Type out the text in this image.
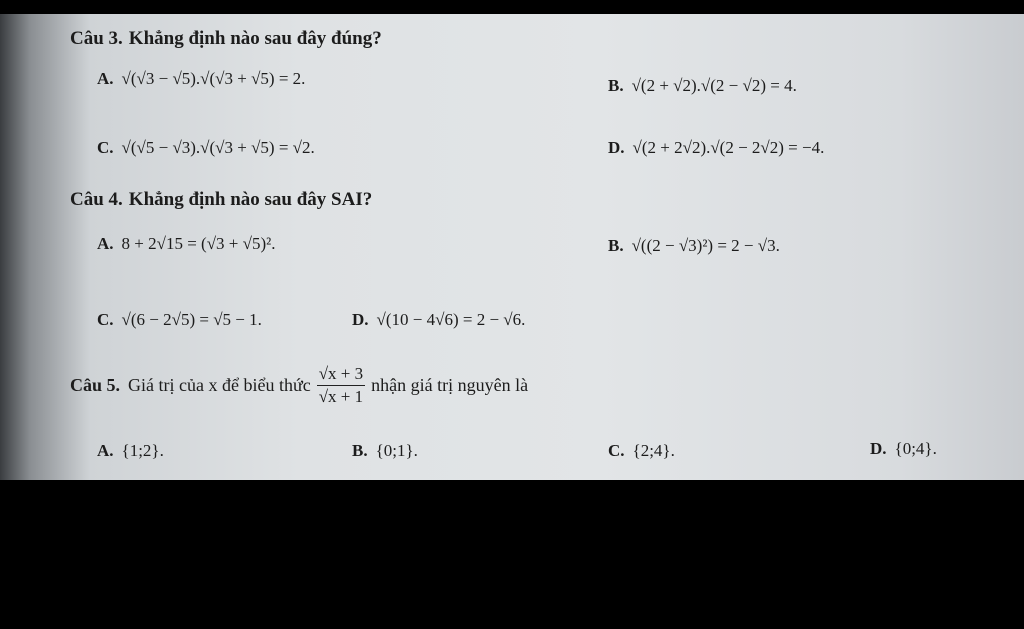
Câu 3. Khẳng định nào sau đây đúng?
A. √(√3 − √5).√(√3 + √5) = 2.	B. √(2 + √2).√(2 − √2) = 4.
C. √(√5 − √3).√(√3 + √5) = √2.	D. √(2 + 2√2).√(2 − 2√2) = −4.
Câu 4. Khẳng định nào sau đây SAI?
A. 8 + 2√15 = (√3 + √5)².	B. √((2 − √3)²) = 2 − √3.
C. √(6 − 2√5) = √5 − 1.	D. √(10 − 4√6) = 2 − √6.
Câu 5. Giá trị của x để biểu thức $\frac{√x + 3}{√x + 1}$ nhận giá trị nguyên là
A. {1;2}.	B. {0;1}.	C. {2;4}.	D. {0;4}.
